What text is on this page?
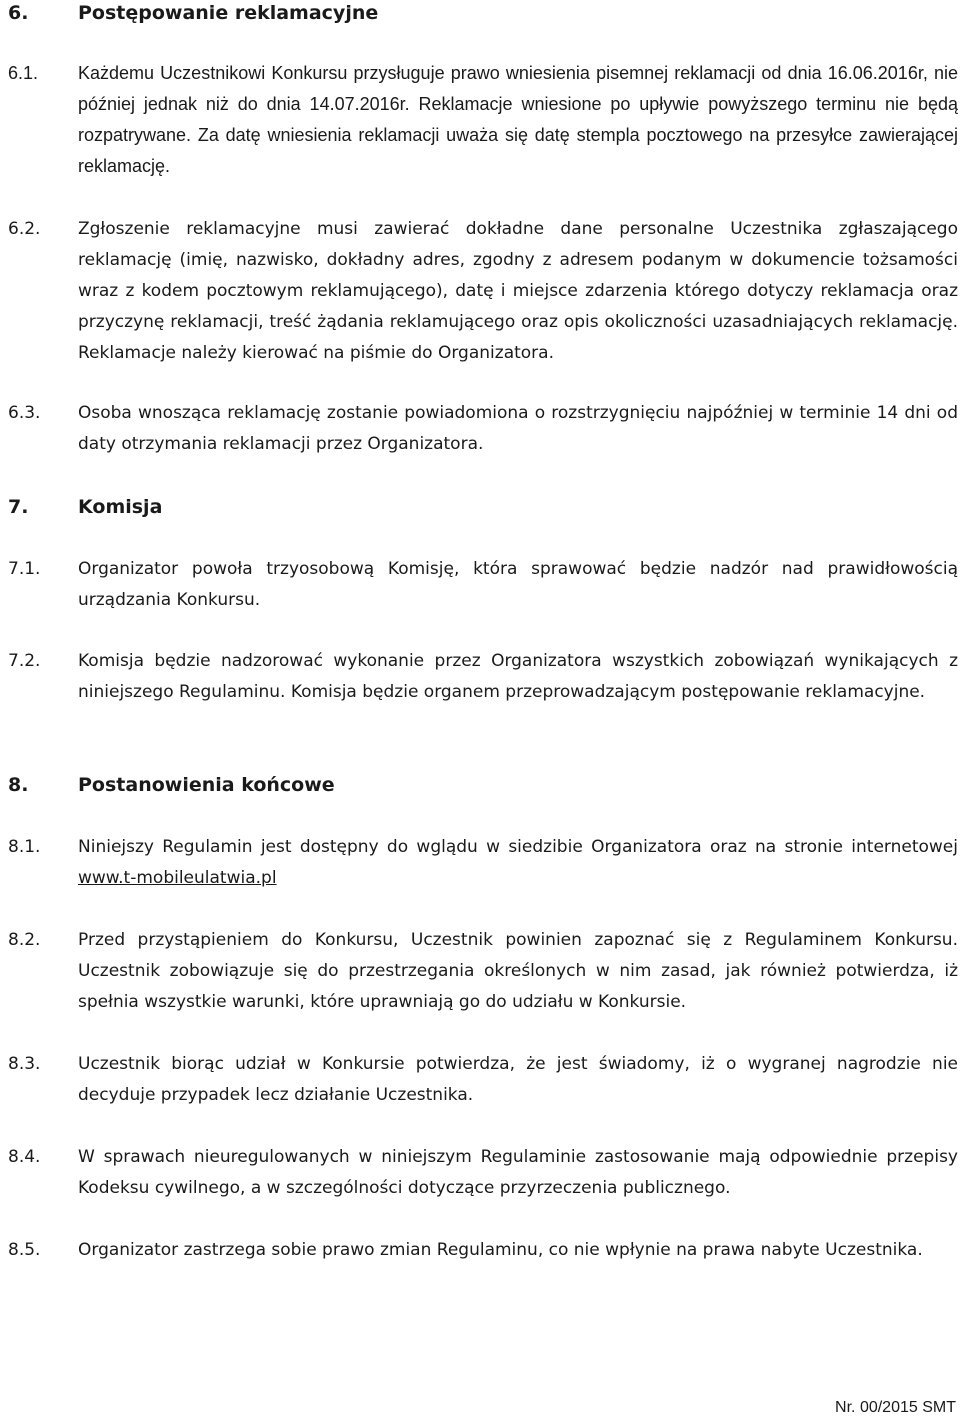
6.	Postępowanie reklamacyjne
6.1. Każdemu Uczestnikowi Konkursu przysługuje prawo wniesienia pisemnej reklamacji od dnia 16.06.2016r, nie później jednak niż do dnia 14.07.2016r. Reklamacje wniesione po upływie powyższego terminu nie będą rozpatrywane. Za datę wniesienia reklamacji uważa się datę stempla pocztowego na przesyłce zawierającej reklamację.
6.2. Zgłoszenie reklamacyjne musi zawierać dokładne dane personalne Uczestnika zgłaszającego reklamację (imię, nazwisko, dokładny adres, zgodny z adresem podanym w dokumencie tożsamości wraz z kodem pocztowym reklamującego), datę i miejsce zdarzenia którego dotyczy reklamacja oraz przyczynę reklamacji, treść żądania reklamującego oraz opis okoliczności uzasadniających reklamację. Reklamacje należy kierować na piśmie do Organizatora.
6.3. Osoba wnosząca reklamację zostanie powiadomiona o rozstrzygnięciu najpóźniej w terminie 14 dni od daty otrzymania reklamacji przez Organizatora.
7.	Komisja
7.1. Organizator powoła trzyosobową Komisję, która sprawować będzie nadzór nad prawidłowością urządzania Konkursu.
7.2. Komisja będzie nadzorować wykonanie przez Organizatora wszystkich zobowiązań wynikających z niniejszego Regulaminu. Komisja będzie organem przeprowadzającym postępowanie reklamacyjne.
8.	Postanowienia końcowe
8.1. Niniejszy Regulamin jest dostępny do wglądu w siedzibie Organizatora oraz na stronie internetowej www.t-mobileulatwia.pl
8.2. Przed przystąpieniem do Konkursu, Uczestnik powinien zapoznać się z Regulaminem Konkursu. Uczestnik zobowiązuje się do przestrzegania określonych w nim zasad, jak również potwierdza, iż spełnia wszystkie warunki, które uprawniają go do udziału w Konkursie.
8.3. Uczestnik biorąc udział w Konkursie potwierdza, że jest świadomy, iż o wygranej nagrodzie nie decyduje przypadek lecz działanie Uczestnika.
8.4. W sprawach nieuregulowanych w niniejszym Regulaminie zastosowanie mają odpowiednie przepisy Kodeksu cywilnego, a w szczególności dotyczące przyrzeczenia publicznego.
8.5. Organizator zastrzega sobie prawo zmian Regulaminu, co nie wpłynie na prawa nabyte Uczestnika.
Nr. 00/2015 SMT
